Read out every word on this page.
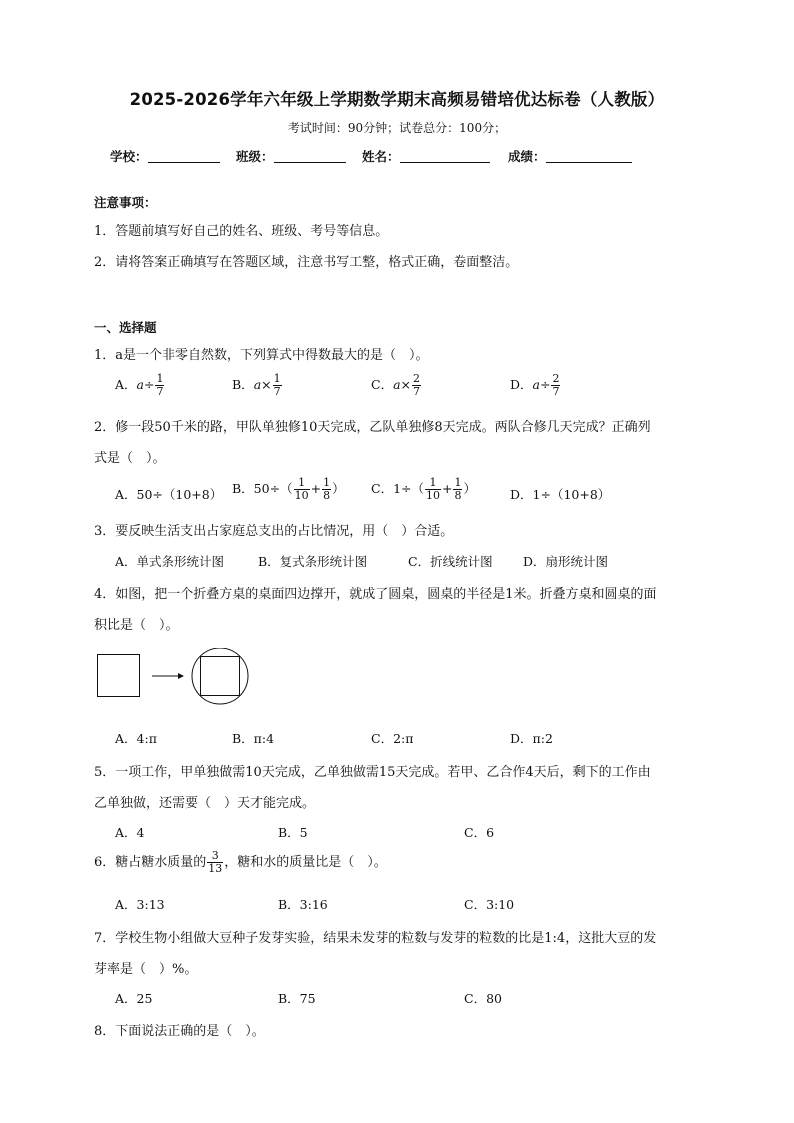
2025-2026学年六年级上学期数学期末高频易错培优达标卷（人教版）
考试时间：90分钟；试卷总分：100分；
学校：	班级：	姓名：	成绩：
注意事项：
1．答题前填写好自己的姓名、班级、考号等信息。
2．请将答案正确填写在答题区域，注意书写工整，格式正确，卷面整洁。
一、选择题
1．a是一个非零自然数，下列算式中得数最大的是（　）。
A．$a\div \frac{1}{7}$	B．$a\times \frac{1}{7}$	C．$a\times \frac{2}{7}$	D．$a\div \frac{2}{7}$
2．修一段50千米的路，甲队单独修10天完成，乙队单独修8天完成。两队合修几天完成？正确列
式是（　）。
A．50÷（10+8） B．$50\div( \frac{1}{10} + \frac{1}{8}$ ） C．$1\div( \frac{1}{10} + \frac{1}{8}$ ）	D．1÷（10+8）
3．要反映生活支出占家庭总支出的占比情况，用（　）合适。
A．单式条形统计图	B．复式条形统计图	C．折线统计图 D．扇形统计图
4．如图，把一个折叠方桌的桌面四边撑开，就成了圆桌，圆桌的半径是1米。折叠方桌和圆桌的面
积比是（　）。
A．4:π	B．π:4	C．2:π	D．π:2
5．一项工作，甲单独做需10天完成，乙单独做需15天完成。若甲、乙合作4天后，剩下的工作由
乙单独做，还需要（　）天才能完成。
A．4	B．5	C．6
6．糖占糖水质量的 $\frac{3}{13}$ ，糖和水的质量比是（　）。
A．3:13	B．3:16	C．3:10
7．学校生物小组做大豆种子发芽实验，结果未发芽的粒数与发芽的粒数的比是1:4，这批大豆的发
芽率是（　）%。
A．25	B．75	C．80
8．下面说法正确的是（　）。
